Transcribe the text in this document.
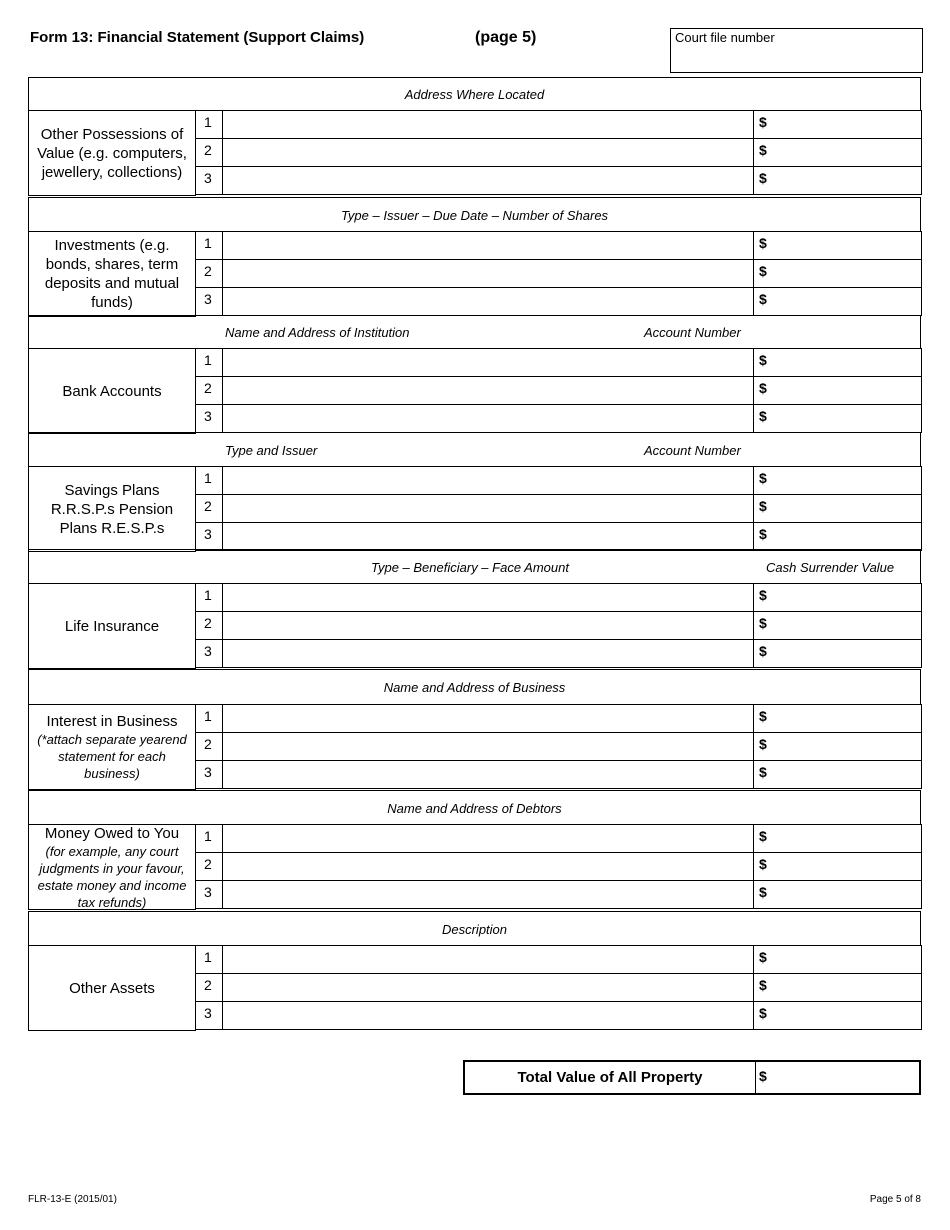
Form 13: Financial Statement (Support Claims)	(page 5)	Court file number
Address Where Located
Other Possessions of Value (e.g. computers, jewellery, collections)
1	$
2	$
3	$
Type – Issuer – Due Date – Number of Shares
Investments (e.g. bonds, shares, term deposits and mutual funds)
1	$
2	$
3	$
Name and Address of Institution	Account Number
Bank Accounts
1	$
2	$
3	$
Type and Issuer	Account Number
Savings Plans R.R.S.P.s Pension Plans R.E.S.P.s
1	$
2	$
3	$
Type – Beneficiary – Face Amount	Cash Surrender Value
Life Insurance
1	$
2	$
3	$
Name and Address of Business
Interest in Business
(*attach separate yearend statement for each business)
1	$
2	$
3	$
Name and Address of Debtors
Money Owed to You
(for example, any court judgments in your favour, estate money and income tax refunds)
1	$
2	$
3	$
Description
Other Assets
1	$
2	$
3	$
Total Value of All Property	$
FLR-13-E (2015/01)	Page 5 of 8
